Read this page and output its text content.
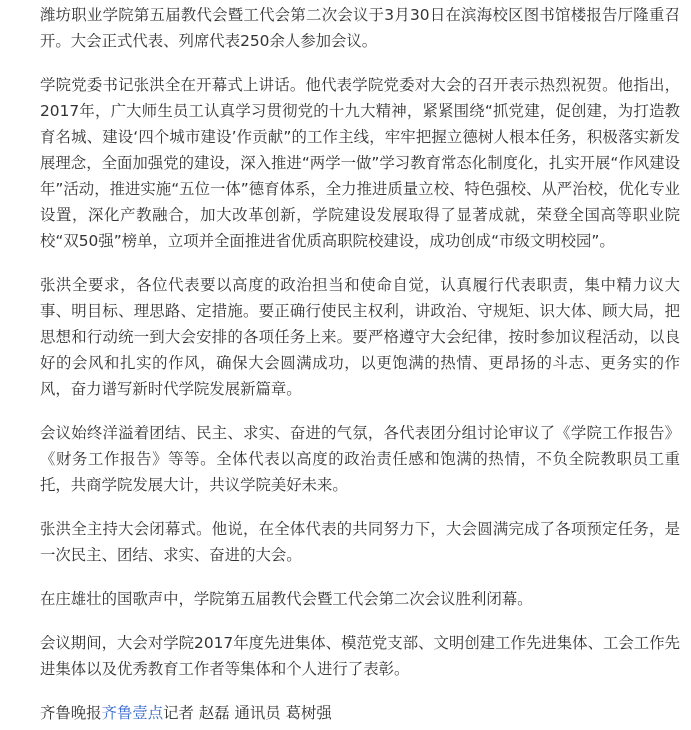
潍坊职业学院第五届教代会暨工代会第二次会议于3月30日在滨海校区图书馆楼报告厅隆重召开。大会正式代表、列席代表250余人参加会议。

学院党委书记张洪全在开幕式上讲话。他代表学院党委对大会的召开表示热烈祝贺。他指出，2017年，广大师生员工认真学习贯彻党的十九大精神，紧紧围绕“抓党建，促创建，为打造教育名城、建设‘四个城市建设’作贡献”的工作主线，牢牢把握立德树人根本任务，积极落实新发展理念，全面加强党的建设，深入推进“两学一做”学习教育常态化制度化，扎实开展“作风建设年”活动，推进实施“五位一体”德育体系，全力推进质量立校、特色强校、从严治校，优化专业设置，深化产教融合，加大改革创新，学院建设发展取得了显著成就，荣登全国高等职业院校“双50强”榜单，立项并全面推进省优质高职院校建设，成功创成“市级文明校园”。

张洪全要求，各位代表要以高度的政治担当和使命自觉，认真履行代表职责，集中精力议大事、明目标、理思路、定措施。要正确行使民主权利，讲政治、守规矩、识大体、顾大局，把思想和行动统一到大会安排的各项任务上来。要严格遵守大会纪律，按时参加议程活动，以良好的会风和扎实的作风，确保大会圆满成功，以更饱满的热情、更昂扬的斗志、更务实的作风，奋力谱写新时代学院发展新篇章。

会议始终洋溢着团结、民主、求实、奋进的气氛，各代表团分组讨论审议了《学院工作报告》《财务工作报告》等等。全体代表以高度的政治责任感和饱满的热情，不负全院教职员工重托，共商学院发展大计，共议学院美好未来。

张洪全主持大会闭幕式。他说，在全体代表的共同努力下，大会圆满完成了各项预定任务，是一次民主、团结、求实、奋进的大会。

在庄雄壮的国歌声中，学院第五届教代会暨工代会第二次会议胜利闭幕。

会议期间，大会对学院2017年度先进集体、模范党支部、文明创建工作先进集体、工会工作先进集体以及优秀教育工作者等集体和个人进行了表彰。

齐鲁晚报齐鲁壹点记者 赵磊 通讯员 葛树强
